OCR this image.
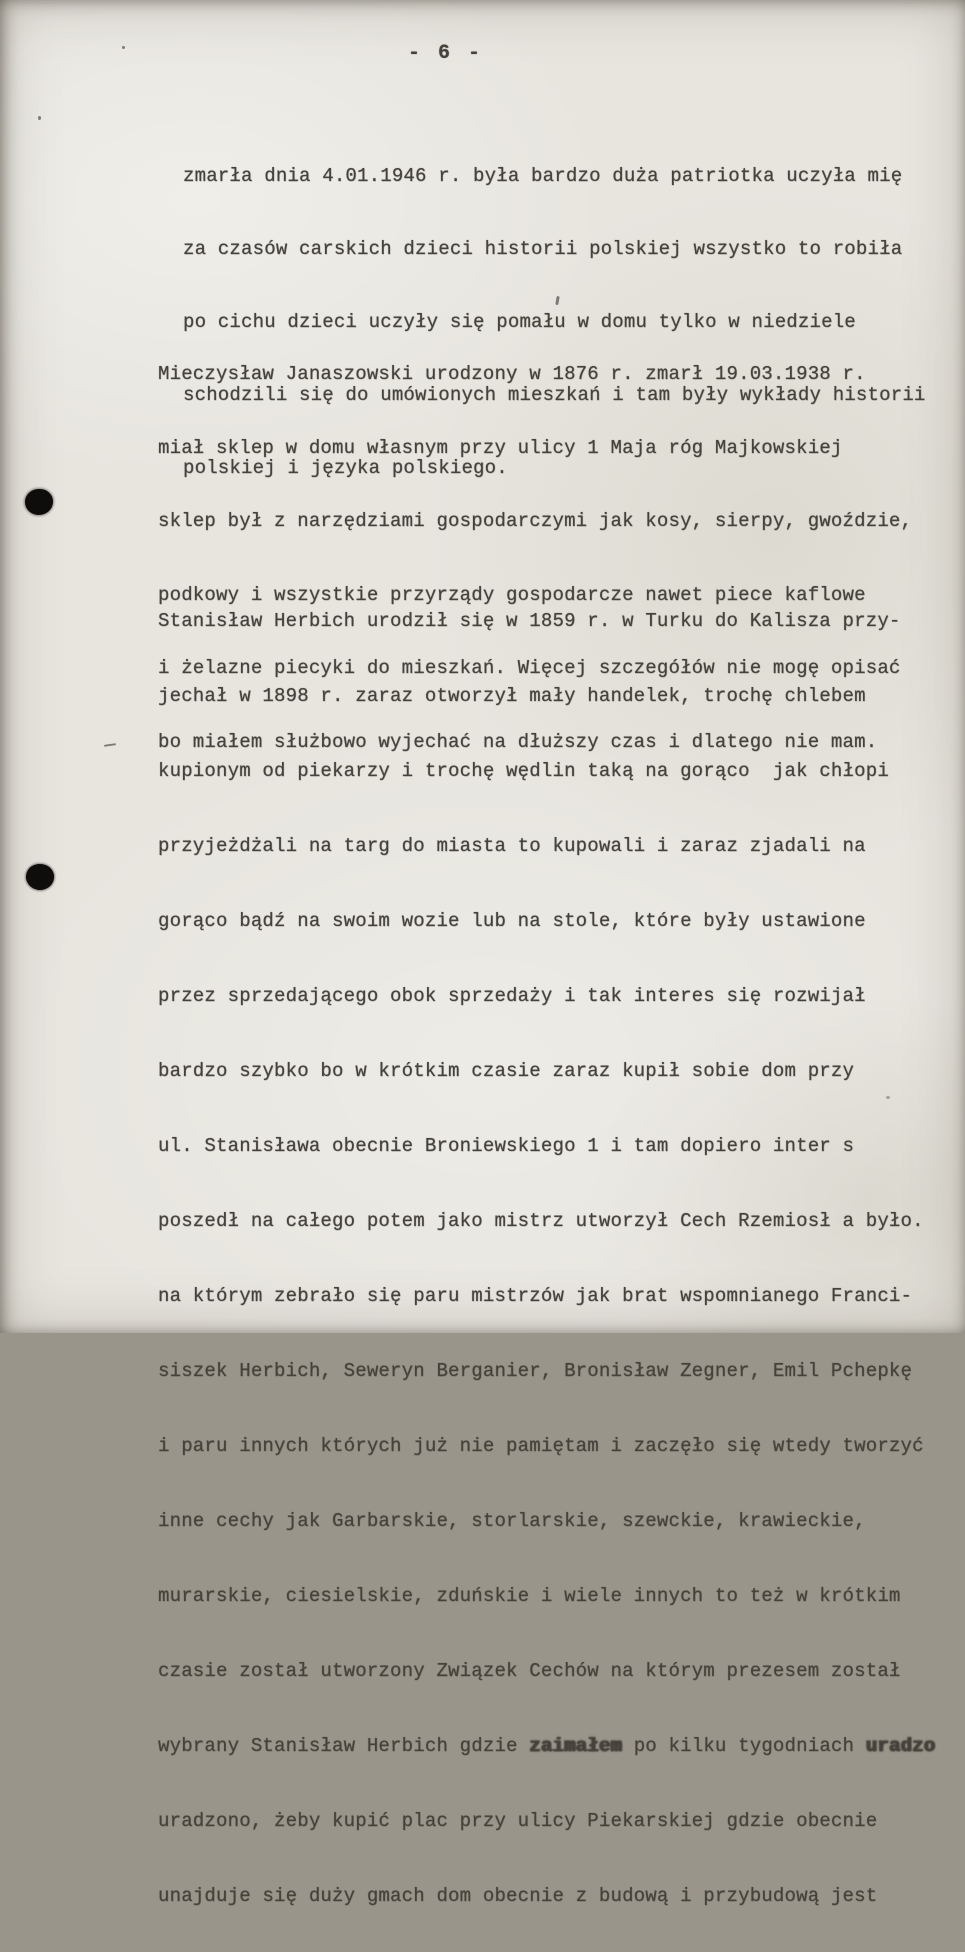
- 6 -

zmarła dnia 4.01.1946 r. była bardzo duża patriotka uczyła mię

za czasów carskich dzieci historii polskiej wszystko to robiła

po cichu dzieci uczyły się pomału w domu tylko w niedziele

schodzili się do umówionych mieszkań i tam były wykłady historii

polskiej i języka polskiego.

Mieczysław Janaszowski urodzony w 1876 r. zmarł 19.03.1938 r.

miał sklep w domu własnym przy ulicy 1 Maja róg Majkowskiej

sklep był z narzędziami gospodarczymi jak kosy, sierpy, gwoździe,

podkowy i wszystkie przyrządy gospodarcze nawet piece kaflowe

i żelazne piecyki do mieszkań. Więcej szczegółów nie mogę opisać

bo miałem służbowo wyjechać na dłuższy czas i dlatego nie mam.

Stanisław Herbich urodził się w 1859 r. w Turku do Kalisza przy-

jechał w 1898 r. zaraz otworzył mały handelek, trochę chlebem

kupionym od piekarzy i trochę wędlin taką na gorąco  jak chłopi

przyjeżdżali na targ do miasta to kupowali i zaraz zjadali na

gorąco bądź na swoim wozie lub na stole, które były ustawione

przez sprzedającego obok sprzedaży i tak interes się rozwijał

bardzo szybko bo w krótkim czasie zaraz kupił sobie dom przy

ul. Stanisława obecnie Broniewskiego 1 i tam dopiero inter s

poszedł na całego potem jako mistrz utworzył Cech Rzemiosł a było.

na którym zebrało się paru mistrzów jak brat wspomnianego Franci-

siszek Herbich, Seweryn Berganier, Bronisław Zegner, Emil Pchepkę

i paru innych których już nie pamiętam i zaczęło się wtedy tworzyć

inne cechy jak Garbarskie, storlarskie, szewckie, krawieckie,

murarskie, ciesielskie, zduńskie i wiele innych to też w krótkim

czasie został utworzony Związek Cechów na którym prezesem został

wybrany Stanisław Herbich gdzie zaimałem po kilku tygodniach uradzo

uradzono, żeby kupić plac przy ulicy Piekarskiej gdzie obecnie

unajduje się duży gmach dom obecnie z budową i przybudową jest
